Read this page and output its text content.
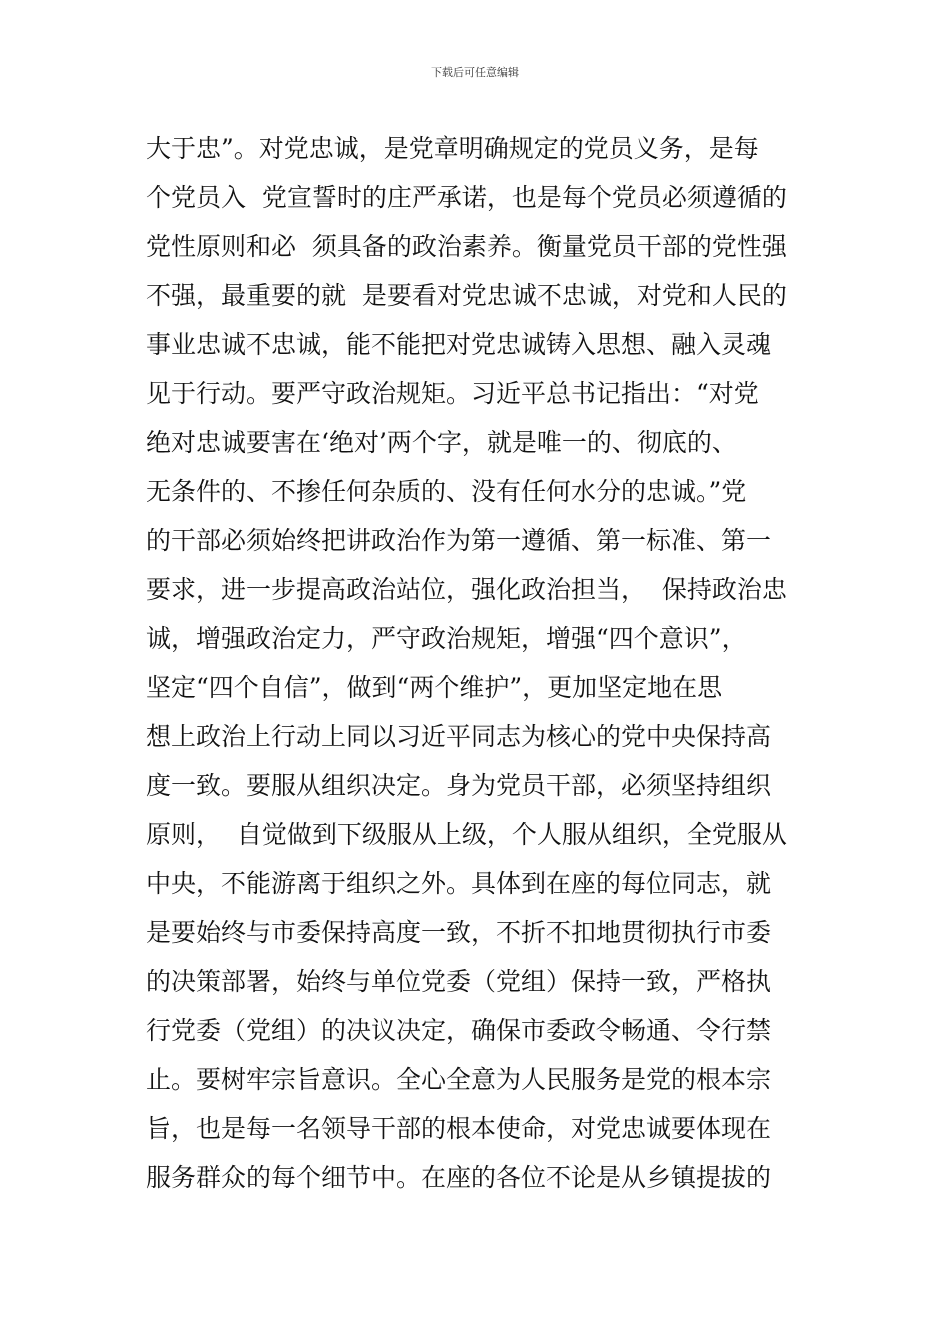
下载后可任意编辑
大于忠”。对党忠诚，是党章明确规定的党员义务，是每
个党员入  党宣誓时的庄严承诺，也是每个党员必须遵循的
党性原则和必  须具备的政治素养。衡量党员干部的党性强
不强，最重要的就  是要看对党忠诚不忠诚，对党和人民的
事业忠诚不忠诚，能不能把对党忠诚铸入思想、融入灵魂
见于行动。要严守政治规矩。习近平总书记指出：“对党
绝对忠诚要害在‘绝对’两个字，就是唯一的、彻底的、
无条件的、不掺任何杂质的、没有任何水分的忠诚。”党
的干部必须始终把讲政治作为第一遵循、第一标准、第一
要求，进一步提高政治站位，强化政治担当，  保持政治忠
诚，增强政治定力，严守政治规矩，增强“四个意识”，
坚定“四个自信”，做到“两个维护”，更加坚定地在思
想上政治上行动上同以习近平同志为核心的党中央保持高
度一致。要服从组织决定。身为党员干部，必须坚持组织
原则，  自觉做到下级服从上级，个人服从组织，全党服从
中央，不能游离于组织之外。具体到在座的每位同志，就
是要始终与市委保持高度一致，不折不扣地贯彻执行市委
的决策部署，始终与单位党委（党组）保持一致，严格执
行党委（党组）的决议决定，确保市委政令畅通、令行禁
止。要树牢宗旨意识。全心全意为人民服务是党的根本宗
旨，也是每一名领导干部的根本使命，对党忠诚要体现在
服务群众的每个细节中。在座的各位不论是从乡镇提拔的
